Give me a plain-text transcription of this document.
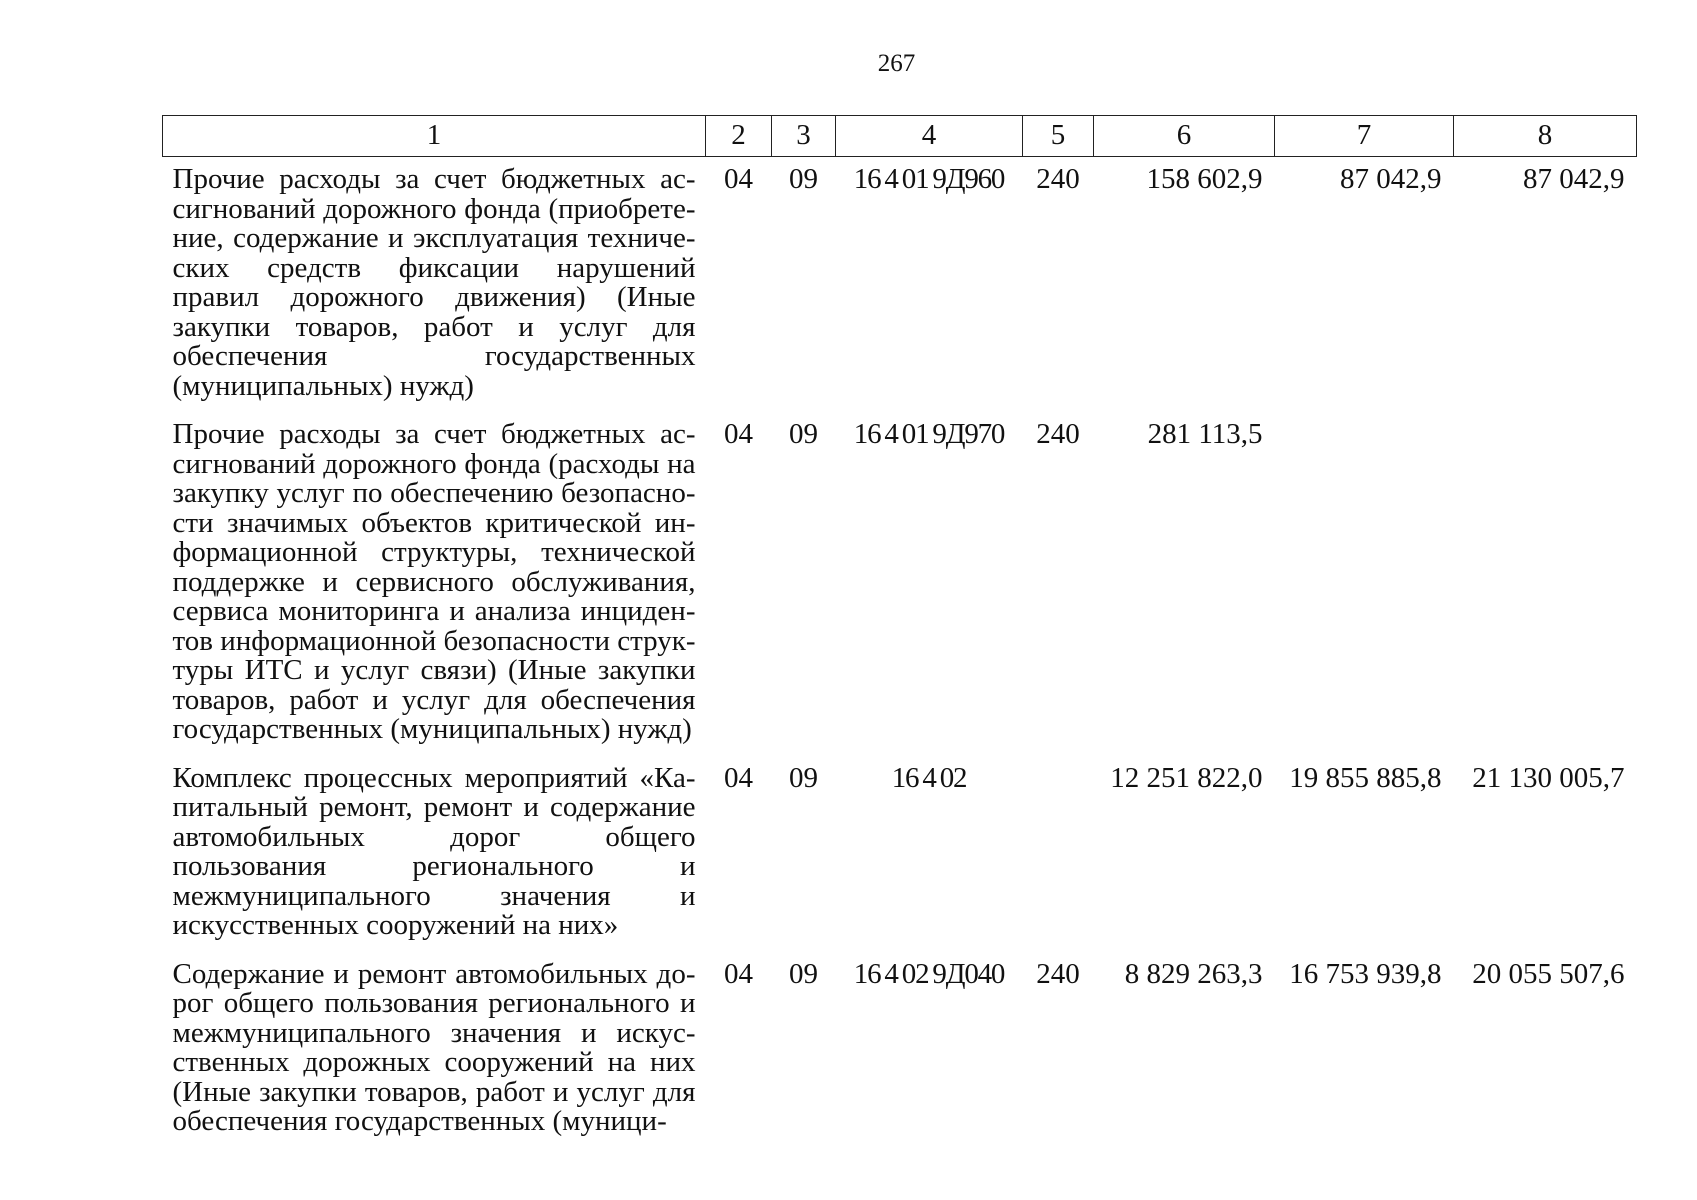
267
1	2	3	4	5	6	7	8
Прочие расходы за счет бюджетных ассигнований дорожного фонда (приобретение, содержание и эксплуатация технических средств фиксации нарушений правил дорожного движения) (Иные закупки товаров, работ и услуг для обеспечения государственных (муниципальных) нужд)	04	09	16 4 01 9Д960	240	158 602,9	87 042,9	87 042,9
Прочие расходы за счет бюджетных ассигнований дорожного фонда (расходы на закупку услуг по обеспечению безопасности значимых объектов критической информационной структуры, технической поддержке и сервисного обслуживания, сервиса мониторинга и анализа инцидентов информационной безопасности структуры ИТС и услуг связи) (Иные закупки товаров, работ и услуг для обеспечения государственных (муниципальных) нужд)	04	09	16 4 01 9Д970	240	281 113,5		
Комплекс процессных мероприятий «Капитальный ремонт, ремонт и содержание автомобильных дорог общего пользования регионального и межмуниципального значения и искусственных сооружений на них»	04	09	16 4 02		12 251 822,0	19 855 885,8	21 130 005,7
Содержание и ремонт автомобильных дорог общего пользования регионального и межмуниципального значения и искусственных дорожных сооружений на них (Иные закупки товаров, работ и услуг для обеспечения государственных (муници-	04	09	16 4 02 9Д040	240	8 829 263,3	16 753 939,8	20 055 507,6
